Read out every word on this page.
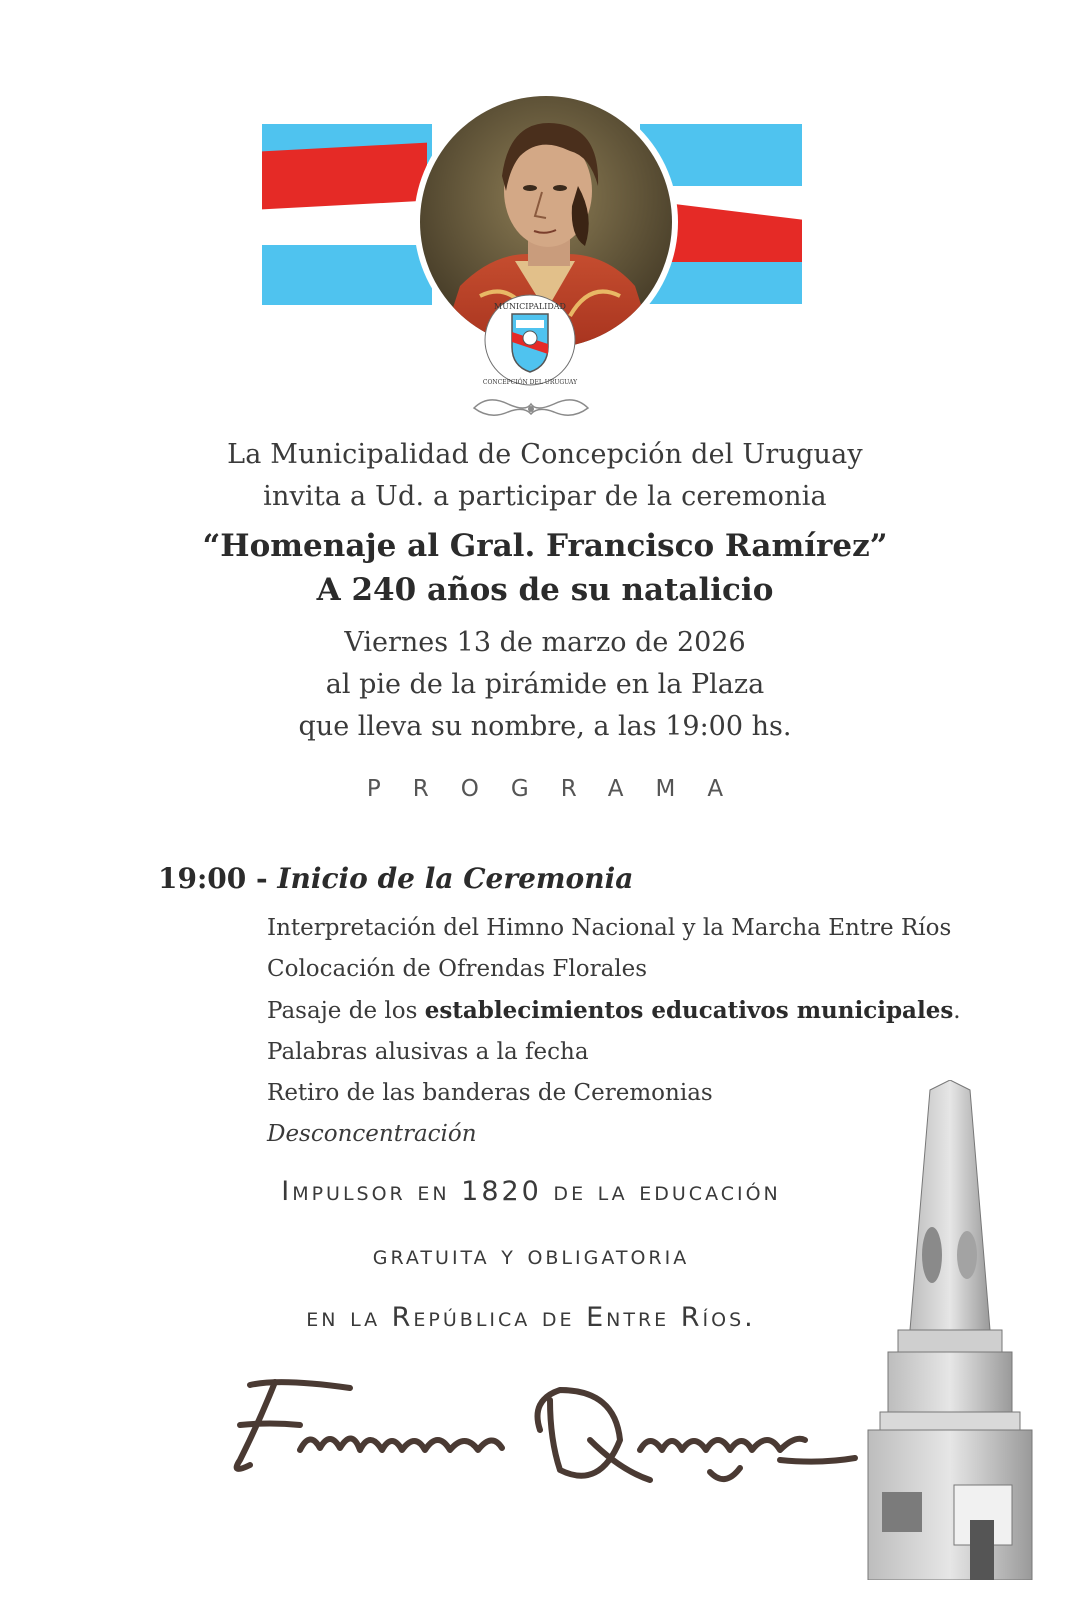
MUNICIPALIDAD
CONCEPCIÓN DEL URUGUAY
La Municipalidad de Concepción del Uruguay
invita a Ud. a participar de la ceremonia
“Homenaje al Gral. Francisco Ramírez”
A 240 años de su natalicio
Viernes 13 de marzo de 2026
al pie de la pirámide en la Plaza
que lleva su nombre, a las 19:00 hs.
PROGRAMA
19:00 - Inicio de la Ceremonia
Interpretación del Himno Nacional y la Marcha Entre Ríos
Colocación de Ofrendas Florales
Pasaje de los establecimientos educativos municipales.
Palabras alusivas a la fecha
Retiro de las banderas de Ceremonias
Desconcentración
Impulsor en 1820 de la educación
gratuita y obligatoria
en la República de Entre Ríos.
